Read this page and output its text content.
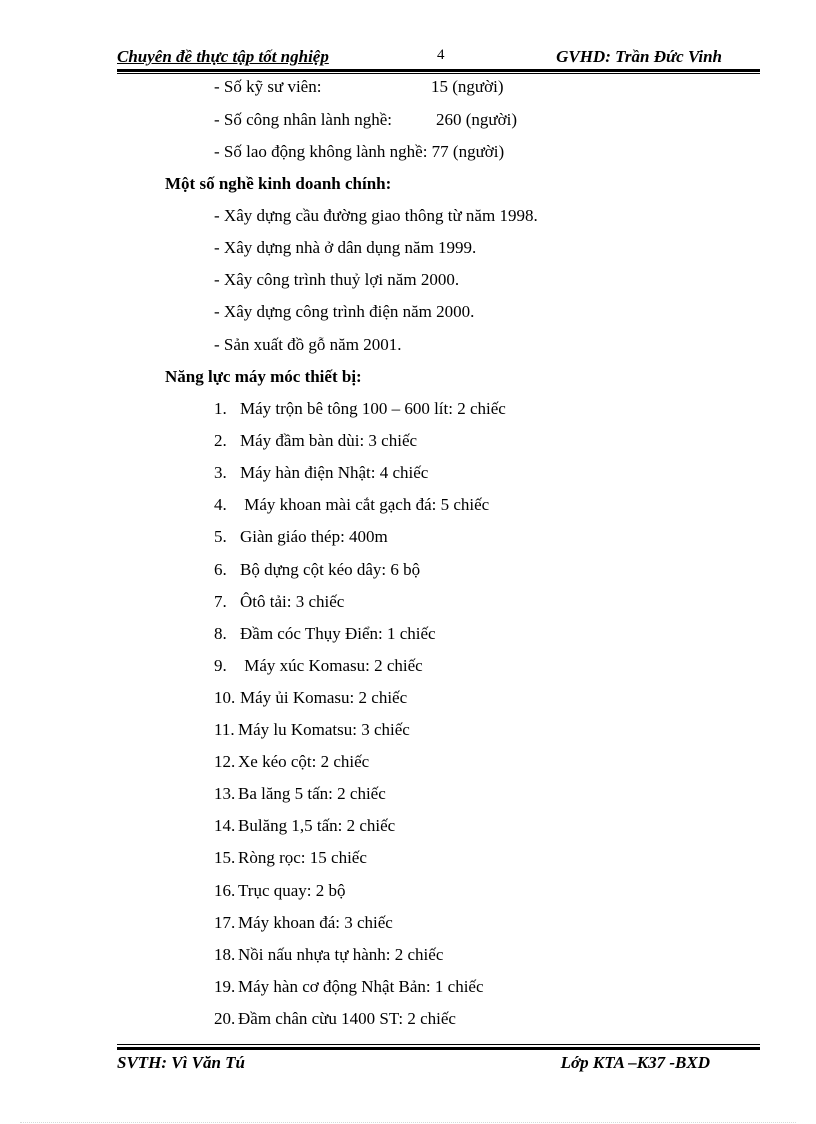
Chuyên đề thực tập tốt nghiệp	4	GVHD: Trần Đức Vinh
- Số kỹ sư viên:	15 (người)
- Số công nhân lành nghề:	260 (người)
- Số lao động không lành nghề: 77 (người)
Một số nghề kinh doanh chính:
- Xây dựng cầu đường giao thông từ năm 1998.
- Xây dựng nhà ở dân dụng năm 1999.
- Xây công trình thuỷ lợi năm 2000.
- Xây dựng công trình điện năm 2000.
- Sản xuất đồ gỗ năm 2001.
Năng lực máy móc thiết bị:
1. Máy trộn bê tông 100 – 600 lít: 2 chiếc
2. Máy đầm bàn dùi: 3 chiếc
3. Máy hàn điện Nhật: 4 chiếc
4. Máy khoan mài cắt gạch đá: 5 chiếc
5. Giàn giáo thép: 400m
6. Bộ dựng cột kéo dây: 6 bộ
7. Ôtô tải: 3 chiếc
8. Đầm cóc Thụy Điển: 1 chiếc
9. Máy xúc Komasu: 2 chiếc
10. Máy ủi Komasu: 2 chiếc
11. Máy lu Komatsu: 3 chiếc
12. Xe kéo cột: 2 chiếc
13. Ba lăng 5 tấn: 2 chiếc
14. Bulăng 1,5 tấn: 2 chiếc
15. Ròng rọc: 15 chiếc
16. Trục quay: 2 bộ
17. Máy khoan đá: 3 chiếc
18. Nồi nấu nhựa tự hành: 2 chiếc
19. Máy hàn cơ động Nhật Bản: 1 chiếc
20. Đầm chân cừu 1400 ST: 2 chiếc
SVTH: Vì Văn Tú	Lớp KTA –K37 -BXD
